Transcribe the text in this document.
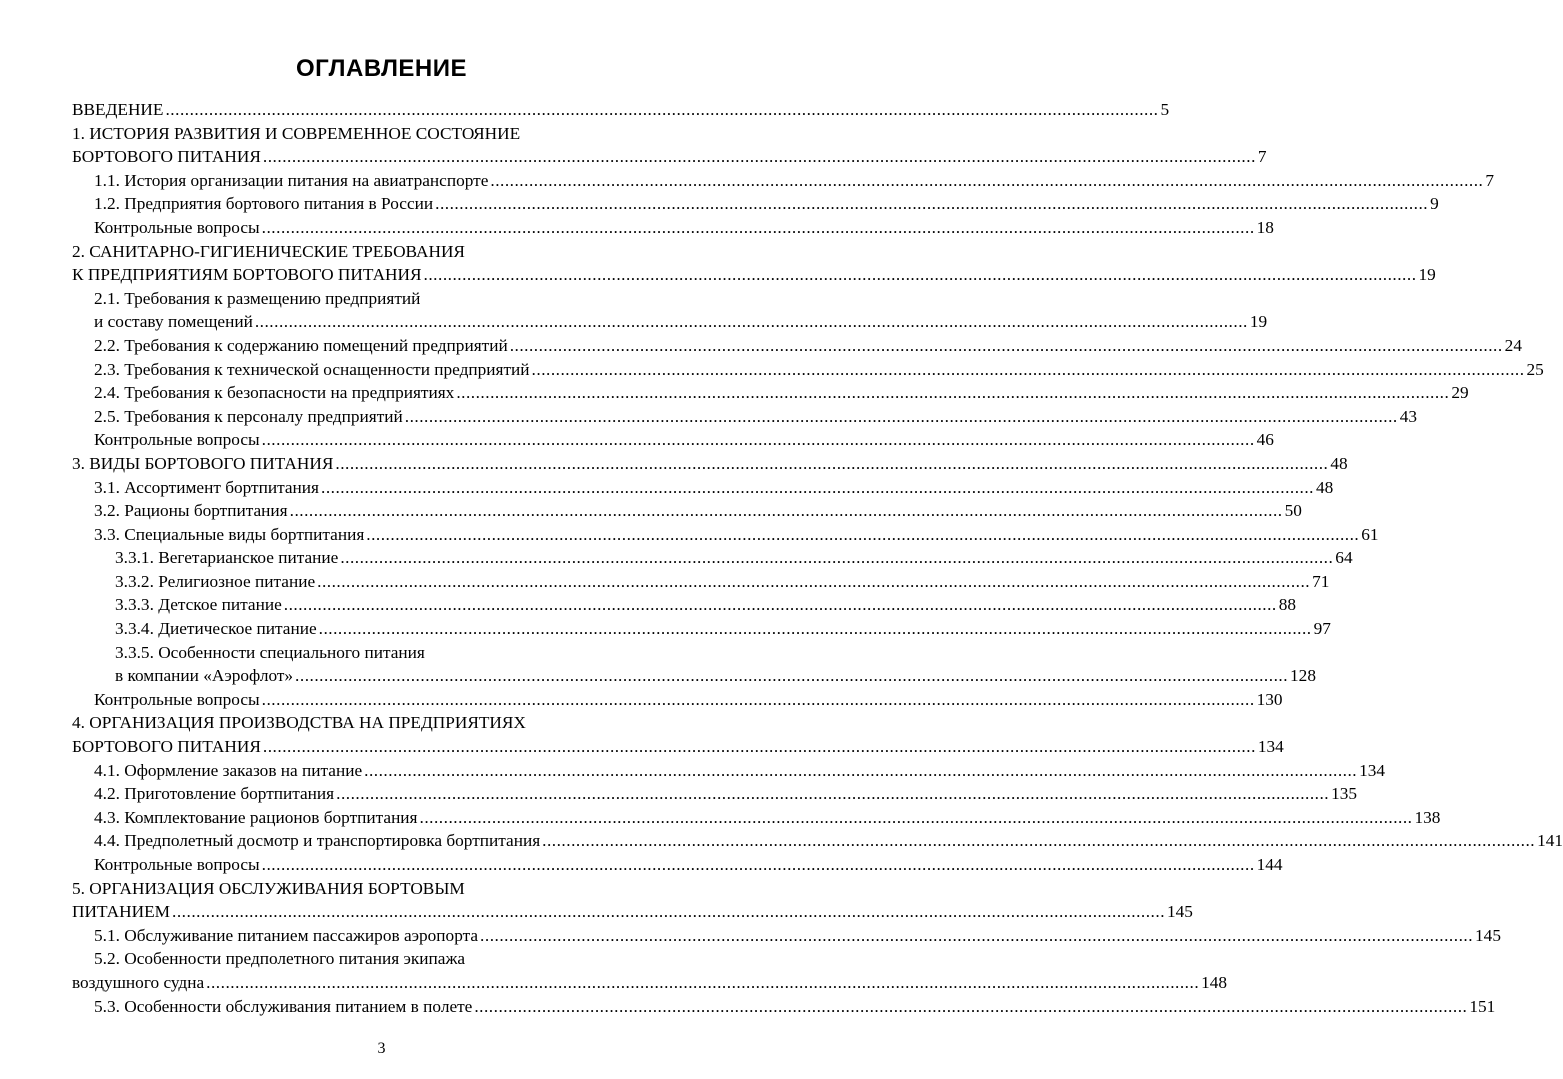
ОГЛАВЛЕНИЕ
ВВЕДЕНИЕ .....	5
1. ИСТОРИЯ РАЗВИТИЯ И СОВРЕМЕННОЕ СОСТОЯНИЕ
БОРТОВОГО ПИТАНИЯ .....	7
1.1. История организации питания на авиатранспорте .....	7
1.2. Предприятия бортового питания в России .....	9
Контрольные вопросы .....	18
2. САНИТАРНО-ГИГИЕНИЧЕСКИЕ ТРЕБОВАНИЯ
К ПРЕДПРИЯТИЯМ БОРТОВОГО ПИТАНИЯ .....	19
2.1. Требования к размещению предприятий
и составу помещений .....	19
2.2. Требования к содержанию помещений предприятий .....	24
2.3. Требования к технической оснащенности предприятий .....	25
2.4. Требования к безопасности на предприятиях .....	29
2.5. Требования к персоналу предприятий .....	43
Контрольные вопросы .....	46
3. ВИДЫ БОРТОВОГО ПИТАНИЯ .....	48
3.1. Ассортимент бортпитания .....	48
3.2. Рационы бортпитания .....	50
3.3. Специальные виды бортпитания .....	61
3.3.1. Вегетарианское питание .....	64
3.3.2. Религиозное питание .....	71
3.3.3. Детское питание .....	88
3.3.4. Диетическое питание .....	97
3.3.5. Особенности специального питания
в компании «Аэрофлот» .....	128
Контрольные вопросы .....	130
4. ОРГАНИЗАЦИЯ ПРОИЗВОДСТВА НА ПРЕДПРИЯТИЯХ
БОРТОВОГО ПИТАНИЯ .....	134
4.1. Оформление заказов на питание .....	134
4.2. Приготовление бортпитания .....	135
4.3. Комплектование рационов бортпитания .....	138
4.4. Предполетный досмотр и транспортировка бортпитания .....	141
Контрольные вопросы .....	144
5. ОРГАНИЗАЦИЯ ОБСЛУЖИВАНИЯ БОРТОВЫМ
ПИТАНИЕМ .....	145
5.1. Обслуживание питанием пассажиров аэропорта .....	145
5.2. Особенности предполетного питания экипажа
воздушного судна .....	148
5.3. Особенности обслуживания питанием в полете .....	151
3
